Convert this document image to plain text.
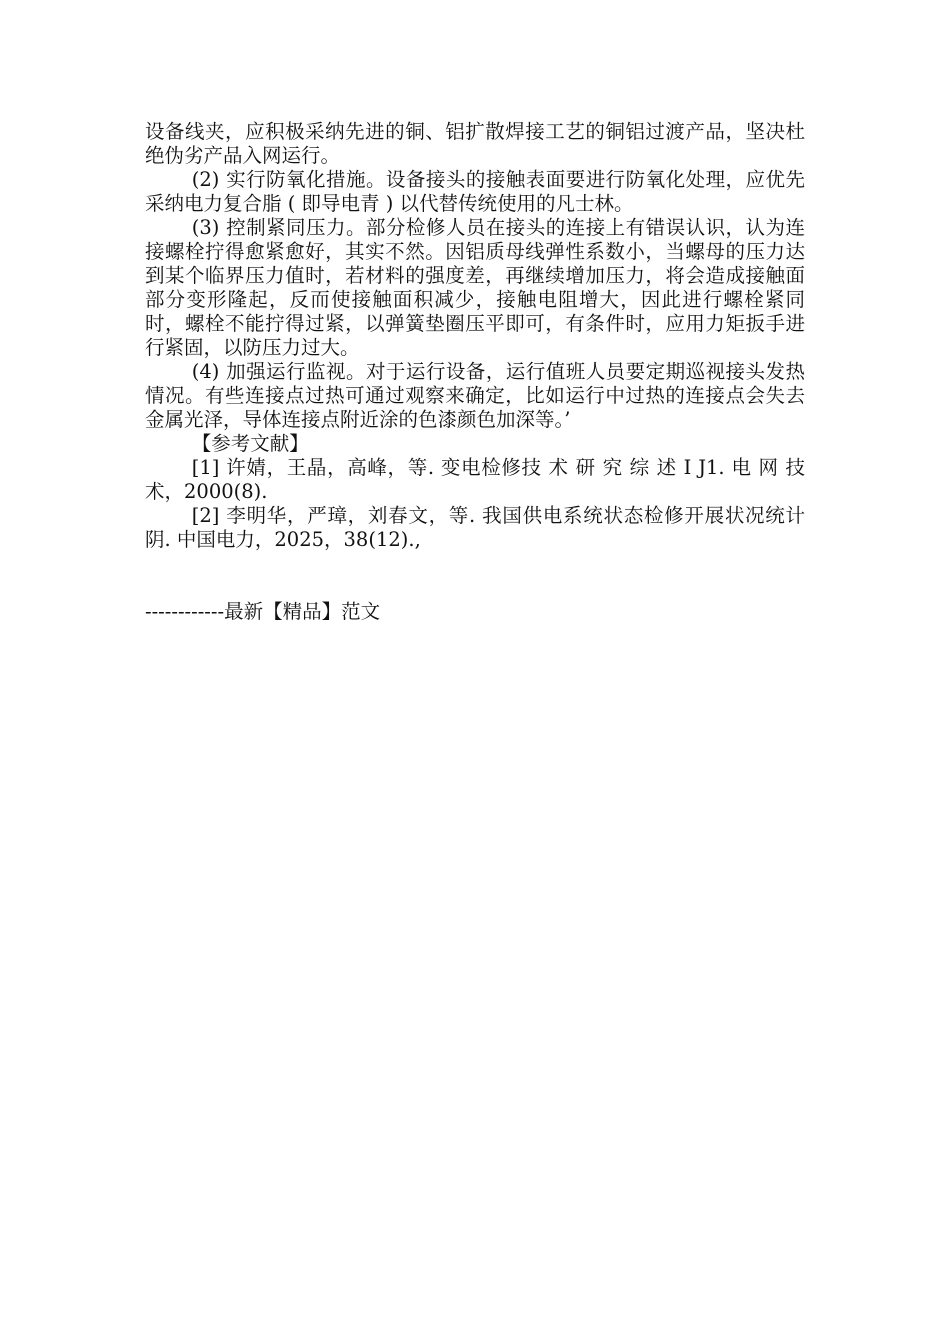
设备线夹，应积极采纳先进的铜、铝扩散焊接工艺的铜铝过渡产品，坚决杜绝伪劣产品入网运行。

(2) 实行防氧化措施。设备接头的接触表面要进行防氧化处理，应优先采纳电力复合脂 ( 即导电青 ) 以代替传统使用的凡士林。

(3) 控制紧同压力。部分检修人员在接头的连接上有错误认识，认为连接螺栓拧得愈紧愈好，其实不然。因铝质母线弹性系数小，当螺母的压力达到某个临界压力值时，若材料的强度差，再继续增加压力，将会造成接触面部分变形隆起，反而使接触面积减少，接触电阻增大，因此进行螺栓紧同时，螺栓不能拧得过紧，以弹簧垫圈压平即可，有条件时，应用力矩扳手进行紧固，以防压力过大。

(4) 加强运行监视。对于运行设备，运行值班人员要定期巡视接头发热情况。有些连接点过热可通过观察来确定，比如运行中过热的连接点会失去金属光泽，导体连接点附近涂的色漆颜色加深等。’

【参考文献】

[1] 许婧，王晶，高峰，等. 变电检修技 术 研 究 综 述 I J1. 电 网 技 术，2000(8).

[2] 李明华，严璋，刘春文，等. 我国供电系统状态检修开展状况统计阴. 中国电力，2025，38(12).,

------------最新【精品】范文
